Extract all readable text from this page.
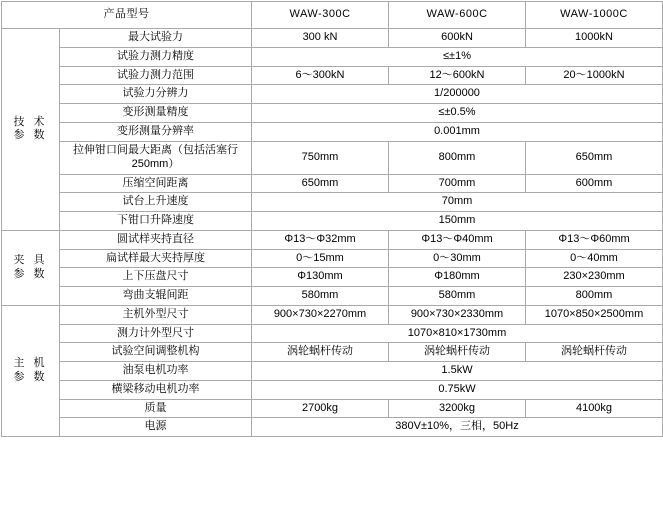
产品型号		WAW-300C	WAW-600C	WAW-1000C
技 术 参 数	最大试验力	300 kN	600kN	1000kN
	试验力测力精度	≤±1%		
	试验力测力范围	6～300kN	12～600kN	20～1000kN
	试验力分辨力	1/200000		
	变形测量精度	≤±0.5%		
	变形测量分辨率	0.001mm		
	拉伸钳口间最大距离（包括活塞行 250mm）	750mm	800mm	650mm
	压缩空间距离	650mm	700mm	600mm
	试台上升速度	70mm		
	下钳口升降速度	150mm		
夹 具 参 数	圆试样夹持直径	Φ13～Φ32mm	Φ13～Φ40mm	Φ13～Φ60mm
	扁试样最大夹持厚度	0～15mm	0～30mm	0～40mm
	上下压盘尺寸	Φ130mm	Φ180mm	230×230mm
	弯曲支辊间距	580mm	580mm	800mm
主 机 参 数	主机外型尺寸	900×730×2270mm	900×730×2330mm	1070×850×2500mm
	测力计外型尺寸	1070×810×1730mm		
	试验空间调整机构	涡轮蜗杆传动	涡轮蜗杆传动	涡轮蜗杆传动
	油泵电机功率	1.5kW		
	横梁移动电机功率	0.75kW		
	质量	2700kg	3200kg	4100kg
	电源	380V±10%，三相，50Hz		
